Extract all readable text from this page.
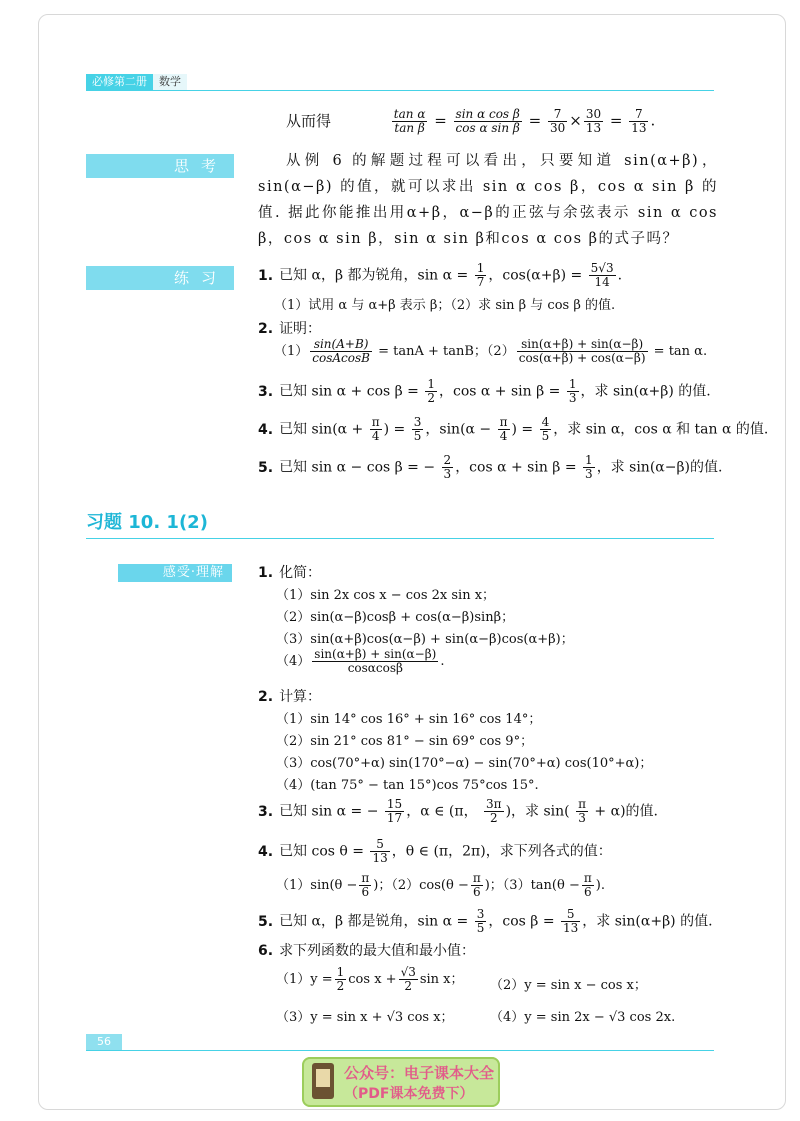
必修第二册	数学
从而得	$\frac{\text{tan α}}{\text{tan β}} = \frac{\text{sin α cos β}}{\text{cos α sin β}} = \frac{7}{30} \times \frac{30}{13} = \frac{7}{13}$ .
思考	从例 6 的解题过程可以看出，只要知道 sin(α+β)，sin(α−β) 的值，就可以求出 sin α cos β，cos α sin β 的值. 据此你能推出用α+β，α−β的正弦与余弦表示 sin α cos β，cos α sin β，sin α sin β和cos α cos β的式子吗？
练习	1. 已知 α，β 都为锐角，$\sin \alpha = \frac{1}{7}$ ，$\cos(\alpha+\beta) = \frac{5√3}{14}$ .
（1）试用 α 与 α+β 表示 β；（2）求 sin β 与 cos β 的值.
2. 证明：
$(1) \frac{\sin(A+B)}{\text{cosAcosB}} = \tan A + \tan B$；$(2) \frac{\sin(\alpha+\beta) + \sin(\alpha-\beta)}{\cos(\alpha+\beta) + \cos(\alpha-\beta)} = \tan \alpha$.
3. 已知 $\sin \alpha + \cos \beta = \frac{1}{2}$ ，$\cos \alpha + \sin \beta = \frac{1}{3}$ ，求 sin(α+β) 的值.
4. 已知 $\sin(\alpha + \frac{\pi}{4}$ ) = $\frac{3}{5}$ ，$\sin(\alpha - \frac{\pi}{4}$ ) = $\frac{4}{5}$ ，求 sin α，cos α 和 tan α 的值.
5. 已知 sin α − cos β = − $\frac{2}{3}$ ，$\cos \alpha + \sin \beta = \frac{1}{3}$ ，求 sin(α−β)的值.
习题 10. 1(2)
感受·理解	1. 化简：
（1）sin 2x cos x − cos 2x sin x；
（2）sin(α−β)cosβ + cos(α−β)sinβ；
（3）sin(α+β)cos(α−β) + sin(α−β)cos(α+β)；
$(4) \frac{\sin(\alpha+\beta) + \sin(\alpha-\beta)}{\cos\alpha\cos\beta}$ .
2. 计算：
（1）sin 14° cos 16° + sin 16° cos 14°；
（2）sin 21° cos 81° − sin 69° cos 9°；
（3）cos(70°+α) sin(170°−α) − sin(70°+α) cos(10°+α)；
（4）(tan 75° − tan 15°)cos 75°cos 15°.
3. 已知 sin α = − $\frac{15}{17}$ ，α ∈ (π， $\frac{3\pi}{2}$ )，求 $\sin( \frac{\pi}{3} + \alpha)$的值.
4. 已知 $\cos \theta = \frac{5}{13}$ ，θ ∈ (π，2π)，求下列各式的值：
$(1)\sin(\theta - \frac{\pi}{6}$ )；$(2)\cos(\theta - \frac{\pi}{6}$ )；$(3)\tan(\theta - \frac{\pi}{6}$ ).
5. 已知 α，β 都是锐角，$\sin \alpha = \frac{3}{5}$ ，$\cos \beta = \frac{5}{13}$ ，求 sin(α+β) 的值.
6. 求下列函数的最大值和最小值：
$(1)y = \frac{1}{2}$ $\cos x + \frac{√3}{2}$ sin x； （2）y = sin x − cos x；
（3）y = sin x + √3 cos x；	（4）y = sin 2x − √3 cos 2x.
56
公众号：电子课本大全
（PDF课本免费下）
